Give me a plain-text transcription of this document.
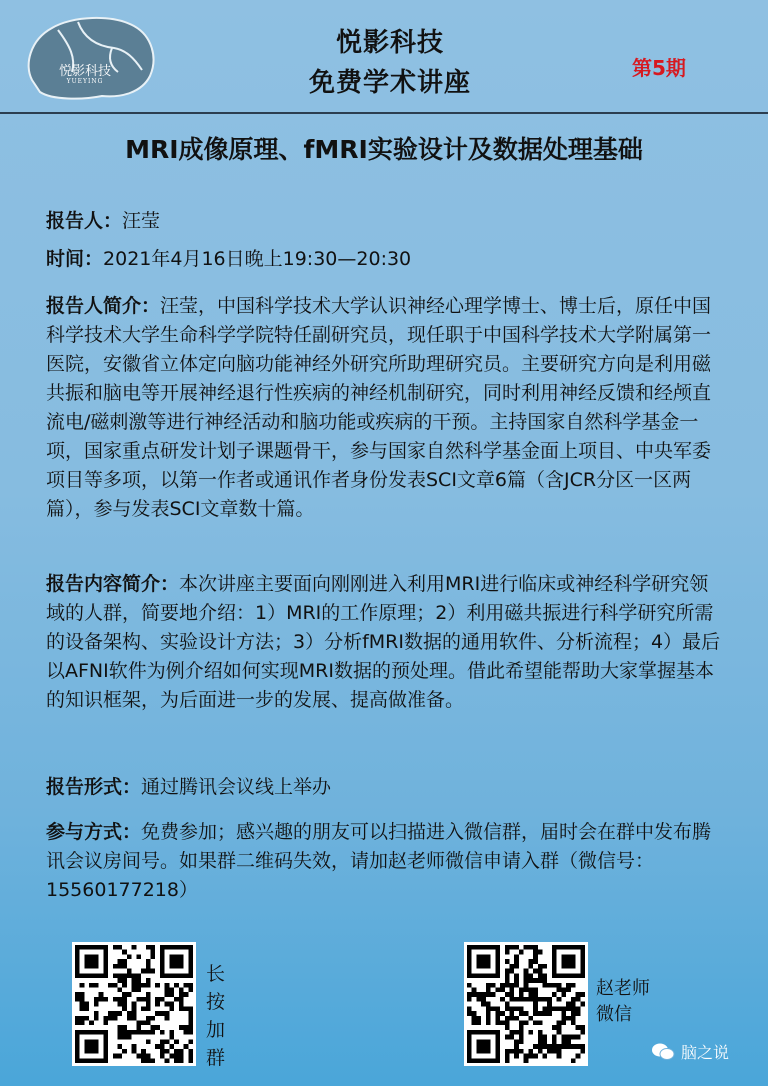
悦影科技
YUEYING
悦影科技
免费学术讲座	第5期
MRI成像原理、fMRI实验设计及数据处理基础
报告人：汪莹
时间：2021年4月16日晚上19:30—20:30
报告人简介：汪莹，中国科学技术大学认识神经心理学博士、博士后，原任中国科学技术大学生命科学学院特任副研究员，现任职于中国科学技术大学附属第一医院，安徽省立体定向脑功能神经外研究所助理研究员。主要研究方向是利用磁共振和脑电等开展神经退行性疾病的神经机制研究，同时利用神经反馈和经颅直流电/磁刺激等进行神经活动和脑功能或疾病的干预。主持国家自然科学基金一项，国家重点研发计划子课题骨干，参与国家自然科学基金面上项目、中央军委项目等多项，以第一作者或通讯作者身份发表SCI文章6篇（含JCR分区一区两篇），参与发表SCI文章数十篇。
报告内容简介：本次讲座主要面向刚刚进入利用MRI进行临床或神经科学研究领域的人群，简要地介绍：1）MRI的工作原理；2）利用磁共振进行科学研究所需的设备架构、实验设计方法；3）分析fMRI数据的通用软件、分析流程；4）最后以AFNI软件为例介绍如何实现MRI数据的预处理。借此希望能帮助大家掌握基本的知识框架，为后面进一步的发展、提高做准备。
报告形式：通过腾讯会议线上举办
参与方式：免费参加；感兴趣的朋友可以扫描进入微信群，届时会在群中发布腾讯会议房间号。如果群二维码失效，请加赵老师微信申请入群（微信号：15560177218）
长
按
加
群
赵老师
微信
脑之说
